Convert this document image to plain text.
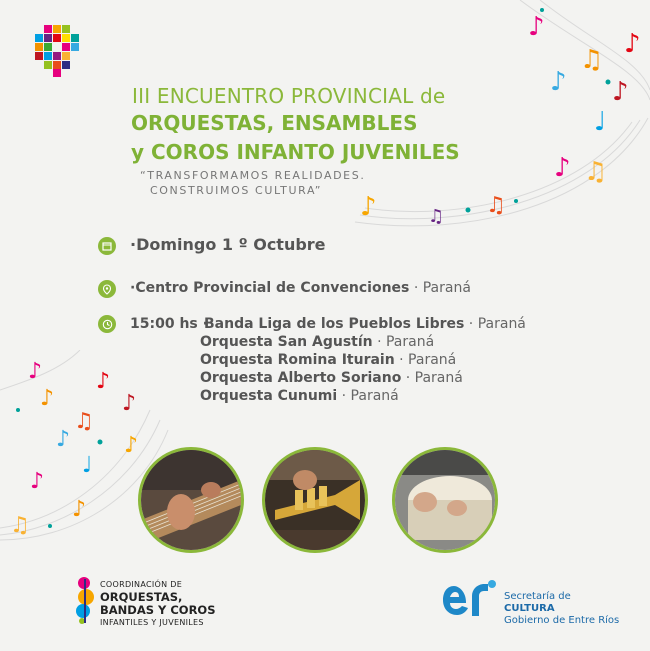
♪
♫
♪
♪
♩
♪
♫
♪
♪	♫ ♫
♪
♪
♪
♪
♫
♪
♩
♪
♪
♫
♪
III ENCUENTRO PROVINCIAL de
ORQUESTAS, ENSAMBLES
y COROS INFANTO JUVENILES
“TRANSFORMAMOS REALIDADES.
CONSTRUIMOS CULTURA”
·Domingo 1 º Octubre
·Centro Provincial de Convenciones · Paraná
15:00 hs ·
Banda Liga de los Pueblos Libres · Paraná
Orquesta San Agustín · Paraná
Orquesta Romina Iturain · Paraná
Orquesta Alberto Soriano · Paraná
Orquesta Cunumi · Paraná
COORDINACIÓN DE
ORQUESTAS,
BANDAS Y COROS
INFANTILES Y JUVENILES
Secretaría de
CULTURA
Gobierno de Entre Ríos
